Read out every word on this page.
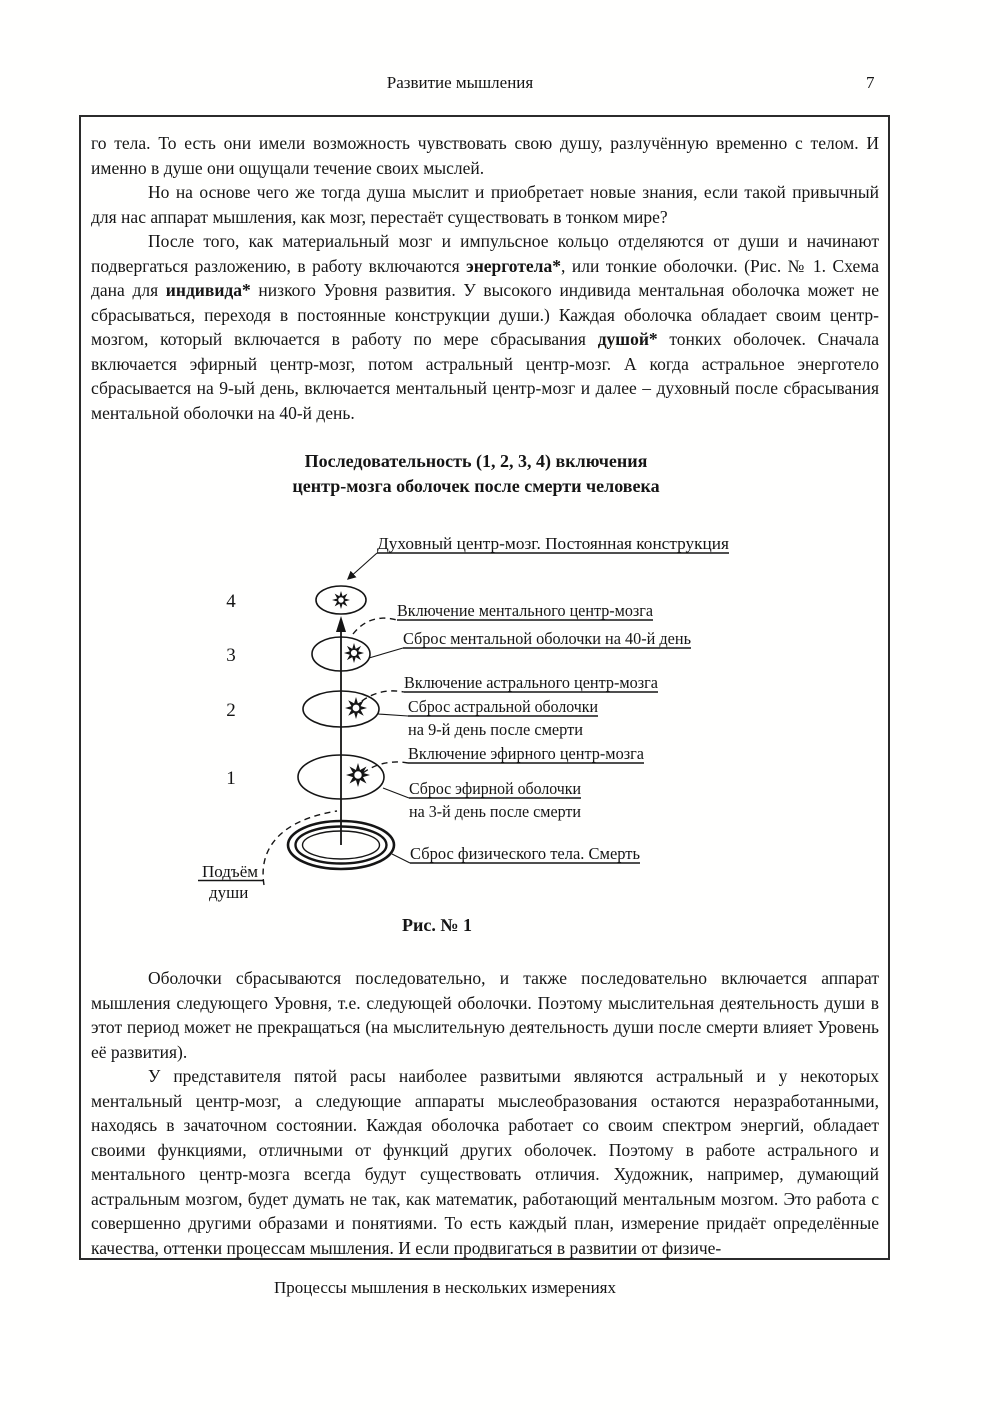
Развитие мышления	7

го тела. То есть они имели возможность чувствовать свою душу, разлучённую временно с телом. И именно в душе они ощущали течение своих мыслей.

Но на основе чего же тогда душа мыслит и приобретает новые знания, если такой привычный для нас аппарат мышления, как мозг, перестаёт существовать в тонком мире?

После того, как материальный мозг и импульсное кольцо отделяются от души и начинают подвергаться разложению, в работу включаются энерготела*, или тонкие оболочки. (Рис. № 1. Схема дана для индивида* низкого Уровня развития. У высокого индивида ментальная оболочка может не сбрасываться, переходя в постоянные конструкции души.) Каждая оболочка обладает своим центр-мозгом, который включается в работу по мере сбрасывания душой* тонких оболочек. Сначала включается эфирный центр-мозг, потом астральный центр-мозг. А когда астральное энерготело сбрасывается на 9-ый день, включается ментальный центр-мозг и далее – духовный после сбрасывания ментальной оболочки на 40-й день.

Последовательность (1, 2, 3, 4) включения
центр-мозга оболочек после смерти человека
Духовный центр-мозг. Постоянная конструкция
4	Включение ментального центр-мозга
3
Сброс ментальной оболочки на 40-й день
Включение астрального центр-мозга
2	Сброс астральной оболочки
на 9-й день после смерти
Включение эфирного центр-мозга
1	Сброс эфирной оболочки
на 3-й день после смерти
Сброс физического тела. Смерть
Подъём
души
Рис. № 1

Оболочки сбрасываются последовательно, и также последовательно включается аппарат мышления следующего Уровня, т.е. следующей оболочки. Поэтому мыслительная деятельность души в этот период может не прекращаться (на мыслительную деятельность души после смерти влияет Уровень её развития).

У представителя пятой расы наиболее развитыми являются астральный и у некоторых ментальный центр-мозг, а следующие аппараты мыслеобразования остаются неразработанными, находясь в зачаточном состоянии. Каждая оболочка работает со своим спектром энергий, обладает своими функциями, отличными от функций других оболочек. Поэтому в работе астрального и ментального центр-мозга всегда будут существовать отличия. Художник, например, думающий астральным мозгом, будет думать не так, как математик, работающий ментальным мозгом. Это работа с совершенно другими образами и понятиями. То есть каждый план, измерение придаёт определённые качества, оттенки процессам мышления. И если продвигаться в развитии от физиче-

Процессы мышления в нескольких измерениях
